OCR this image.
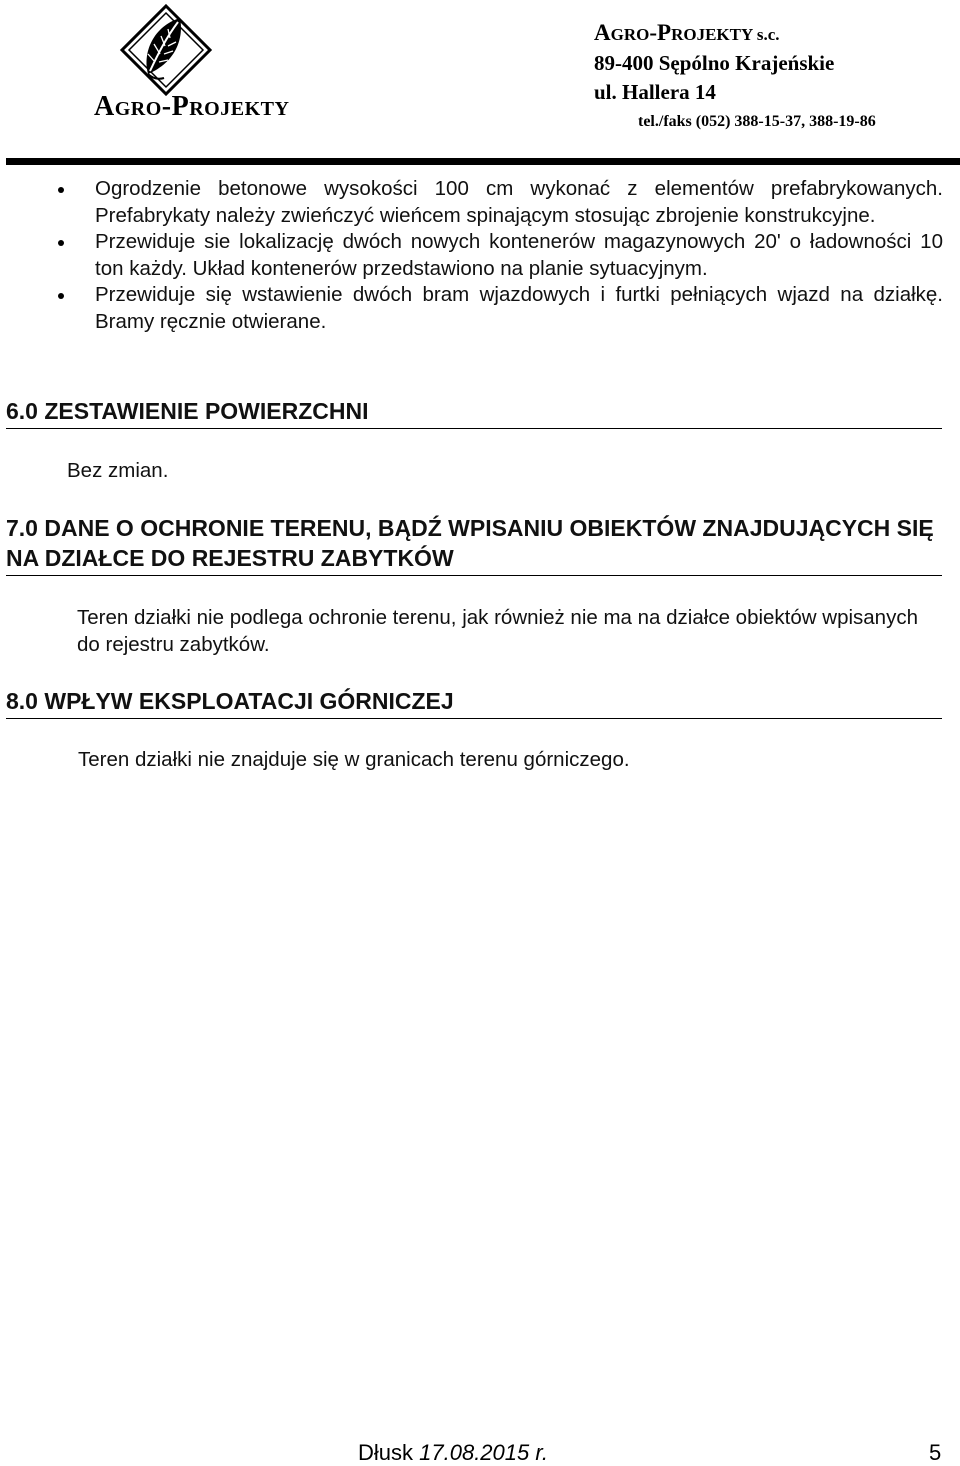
AGRO-PROJEKTY
AGRO-PROJEKTY s.c.
89-400 Sępólno Krajeńskie
ul. Hallera 14
tel./faks (052) 388-15-37, 388-19-86
Ogrodzenie betonowe wysokości 100 cm wykonać z elementów prefabrykowanych. Prefabrykaty należy zwieńczyć wieńcem spinającym stosując zbrojenie konstrukcyjne.
Przewiduje sie lokalizację dwóch nowych kontenerów magazynowych 20' o ładowności 10 ton każdy. Układ kontenerów przedstawiono na planie sytuacyjnym.
Przewiduje się wstawienie dwóch bram wjazdowych i furtki pełniących wjazd na działkę. Bramy ręcznie otwierane.
6.0 ZESTAWIENIE POWIERZCHNI
Bez zmian.
7.0 DANE O OCHRONIE TERENU, BĄDŹ WPISANIU OBIEKTÓW ZNAJDUJĄCYCH SIĘ NA DZIAŁCE DO REJESTRU ZABYTKÓW
Teren działki nie podlega ochronie terenu, jak również nie ma na działce obiektów wpisanych do rejestru zabytków.
8.0 WPŁYW EKSPLOATACJI GÓRNICZEJ
Teren działki nie znajduje się w granicach terenu górniczego.
Dłusk 17.08.2015 r.	5
